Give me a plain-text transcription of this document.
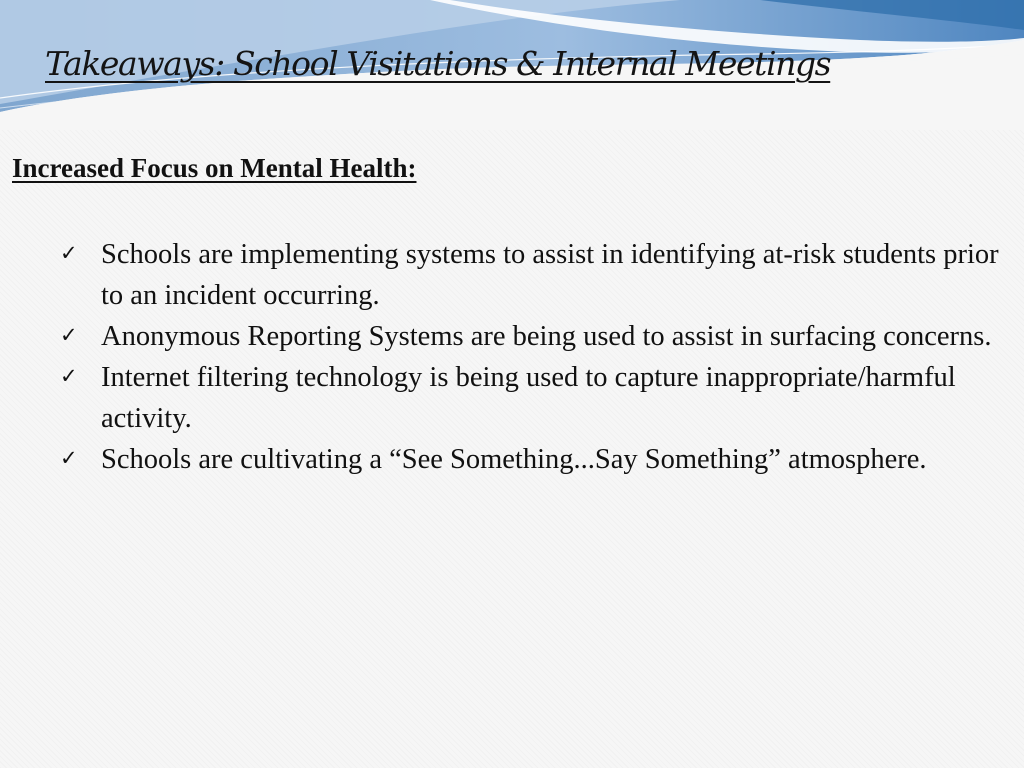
Takeaways: School Visitations & Internal Meetings
Increased Focus on Mental Health:
✓ Schools are implementing systems to assist in identifying at-risk students prior to an incident occurring.
✓ Anonymous Reporting Systems are being used to assist in surfacing concerns.
✓ Internet filtering technology is being used to capture inappropriate/harmful activity.
✓ Schools are cultivating a “See Something...Say Something” atmosphere.
